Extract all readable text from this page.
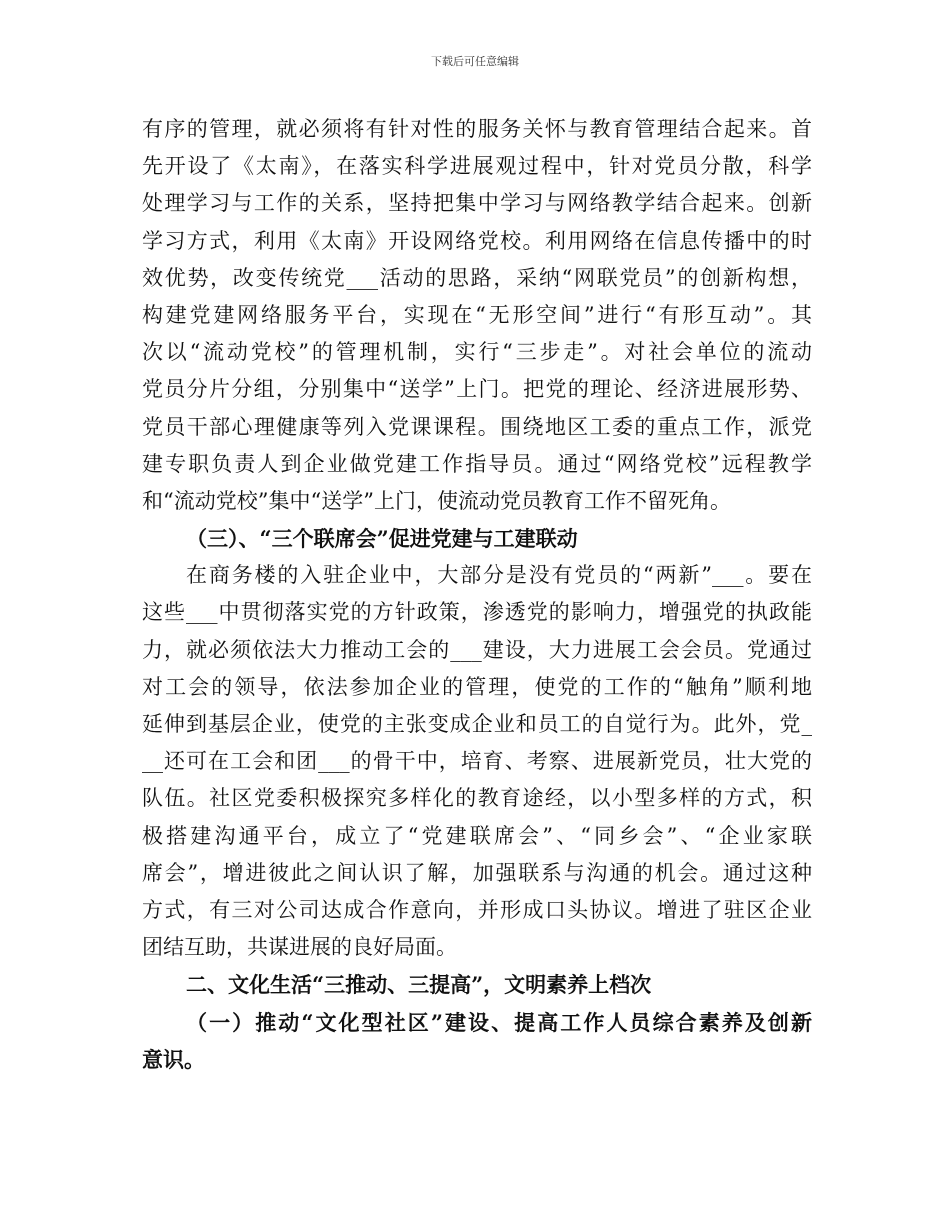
下载后可任意编辑
有序的管理，就必须将有针对性的服务关怀与教育管理结合起来。首
先开设了《太南》，在落实科学进展观过程中，针对党员分散，科学
处理学习与工作的关系，坚持把集中学习与网络教学结合起来。创新
学习方式，利用《太南》开设网络党校。利用网络在信息传播中的时
效优势，改变传统党___活动的思路，采纳“网联党员”的创新构想，
构建党建网络服务平台，实现在“无形空间”进行“有形互动”。其
次以“流动党校”的管理机制，实行“三步走”。对社会单位的流动
党员分片分组，分别集中“送学”上门。把党的理论、经济进展形势、
党员干部心理健康等列入党课课程。围绕地区工委的重点工作，派党
建专职负责人到企业做党建工作指导员。通过“网络党校”远程教学
和“流动党校”集中“送学”上门，使流动党员教育工作不留死角。
（三）、“三个联席会”促进党建与工建联动
在商务楼的入驻企业中，大部分是没有党员的“两新”___。要在
这些___中贯彻落实党的方针政策，渗透党的影响力，增强党的执政能
力，就必须依法大力推动工会的___建设，大力进展工会会员。党通过
对工会的领导，依法参加企业的管理，使党的工作的“触角”顺利地
延伸到基层企业，使党的主张变成企业和员工的自觉行为。此外，党_
__还可在工会和团___的骨干中，培育、考察、进展新党员，壮大党的
队伍。社区党委积极探究多样化的教育途经，以小型多样的方式，积
极搭建沟通平台，成立了“党建联席会”、“同乡会”、“企业家联
席会”，增进彼此之间认识了解，加强联系与沟通的机会。通过这种
方式，有三对公司达成合作意向，并形成口头协议。增进了驻区企业
团结互助，共谋进展的良好局面。
二、文化生活“三推动、三提高”，文明素养上档次
（一）推动“文化型社区”建设、提高工作人员综合素养及创新
意识。
